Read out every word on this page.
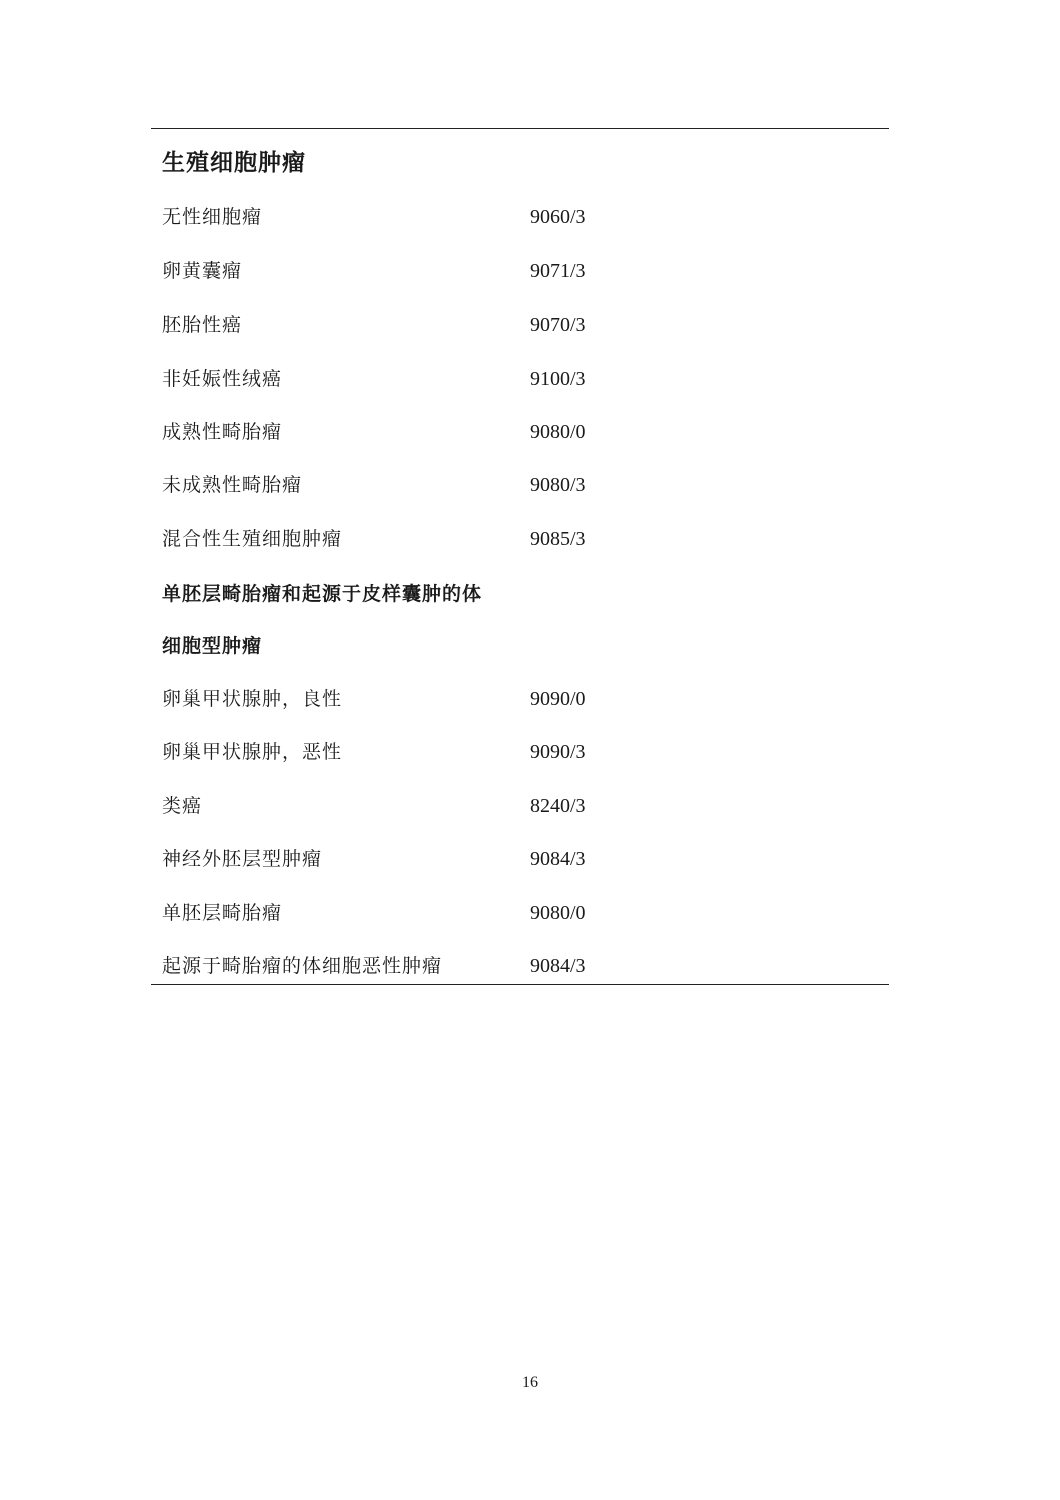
生殖细胞肿瘤
无性细胞瘤	9060/3
卵黄囊瘤	9071/3
胚胎性癌	9070/3
非妊娠性绒癌	9100/3
成熟性畸胎瘤	9080/0
未成熟性畸胎瘤	9080/3
混合性生殖细胞肿瘤	9085/3
单胚层畸胎瘤和起源于皮样囊肿的体
细胞型肿瘤
卵巢甲状腺肿，良性	9090/0
卵巢甲状腺肿，恶性	9090/3
类癌	8240/3
神经外胚层型肿瘤	9084/3
单胚层畸胎瘤	9080/0
起源于畸胎瘤的体细胞恶性肿瘤	9084/3
16
